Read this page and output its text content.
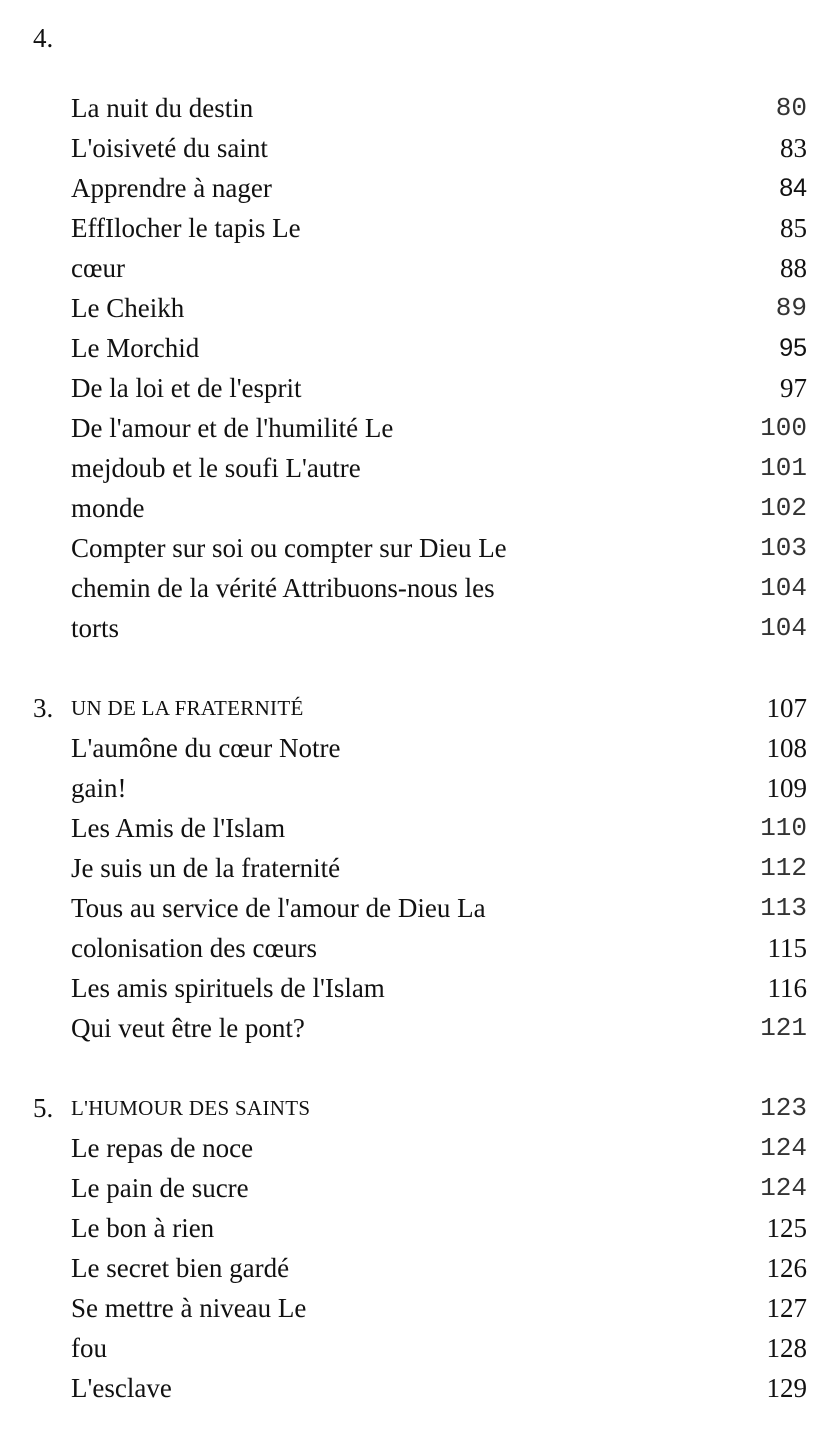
4.
La nuit du destin	80
L'oisiveté du saint	83
Apprendre à nager	84
EffIlocher le tapis Le	85
cœur	88
Le Cheikh	89
Le Morchid	95
De la loi et de l'esprit	97
De l'amour et de l'humilité Le	100
mejdoub et le soufi L'autre	101
monde	102
Compter sur soi ou compter sur Dieu Le	103
chemin de la vérité Attribuons-nous les	104
torts	104
3. UN DE LA FRATERNITÉ	107
L'aumône du cœur Notre	108
gain!	109
Les Amis de l'Islam	110
Je suis un de la fraternité	112
Tous au service de l'amour de Dieu La	113
colonisation des cœurs	115
Les amis spirituels de l'Islam	116
Qui veut être le pont?	121
5. L'HUMOUR DES SAINTS	123
Le repas de noce	124
Le pain de sucre	124
Le bon à rien	125
Le secret bien gardé	126
Se mettre à niveau Le	127
fou	128
L'esclave	129
